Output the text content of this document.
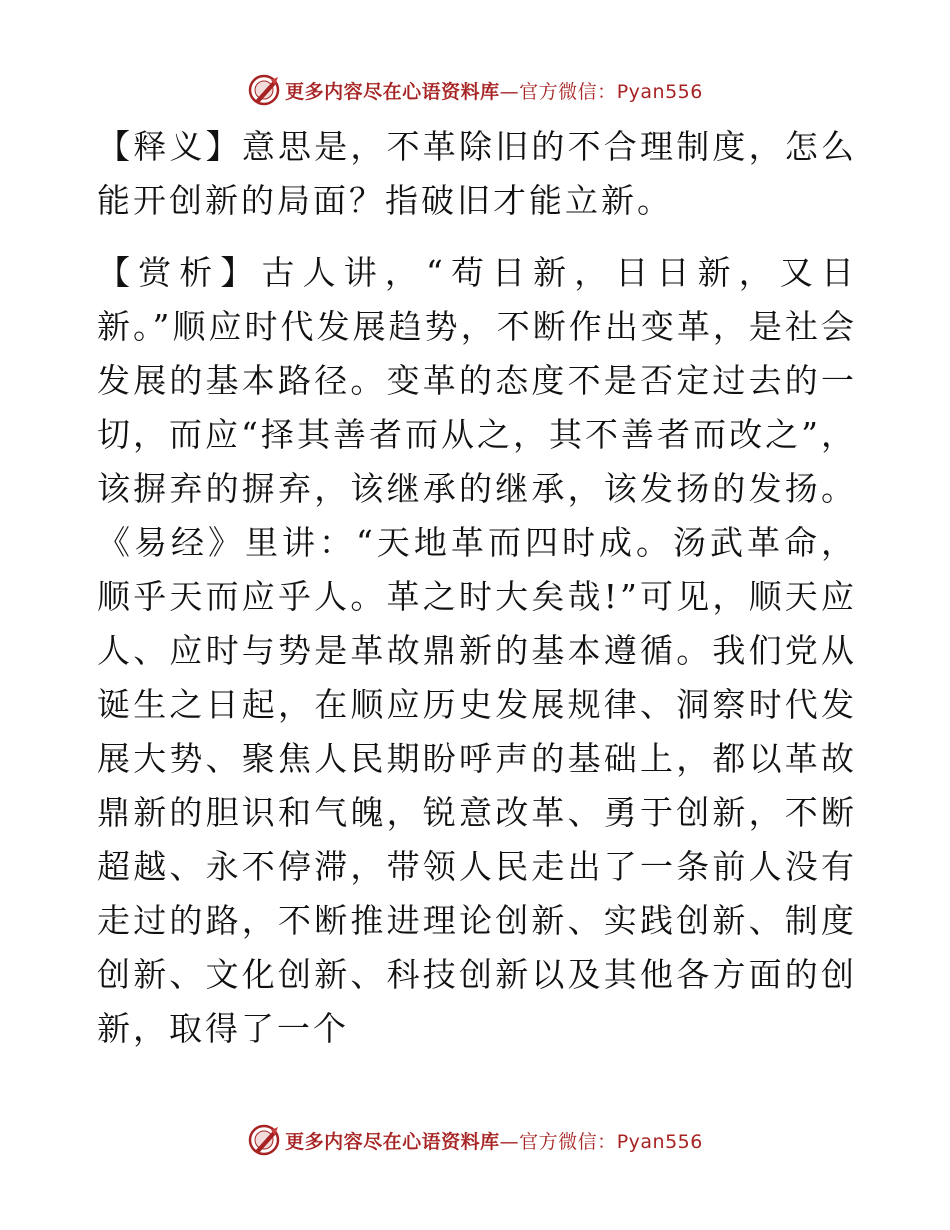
更多内容尽在心语资料库—官方微信：Pyan556

【释义】意思是，不革除旧的不合理制度，怎么能开创新的局面？指破旧才能立新。

【赏析】古人讲，“苟日新，日日新，又日新。”顺应时代发展趋势，不断作出变革，是社会发展的基本路径。变革的态度不是否定过去的一切，而应“择其善者而从之，其不善者而改之”，该摒弃的摒弃，该继承的继承，该发扬的发扬。《易经》里讲：“天地革而四时成。汤武革命，顺乎天而应乎人。革之时大矣哉!”可见，顺天应人、应时与势是革故鼎新的基本遵循。我们党从诞生之日起，在顺应历史发展规律、洞察时代发展大势、聚焦人民期盼呼声的基础上，都以革故鼎新的胆识和气魄，锐意改革、勇于创新，不断超越、永不停滞，带领人民走出了一条前人没有走过的路，不断推进理论创新、实践创新、制度创新、文化创新、科技创新以及其他各方面的创新，取得了一个

更多内容尽在心语资料库—官方微信：Pyan556
